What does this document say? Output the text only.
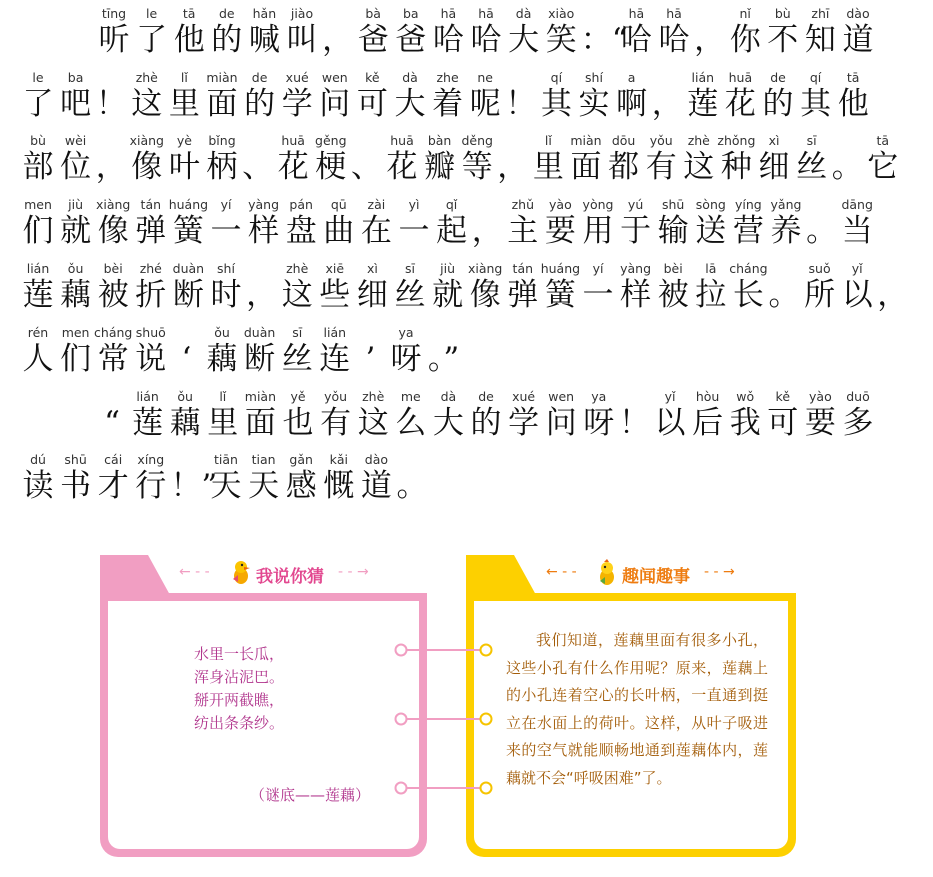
tīng
听
le
了
tā
他
de
的
hǎn
喊
jiào
叫 ，
bà
爸
ba
爸
hā
哈
hā
哈
dà
大
xiào
笑 ：“
hā
哈
hā
哈 ，
nǐ
你
bù
不
zhī
知
dào
道
le
了
ba
吧 ！
zhè
这
lǐ
里
miàn
面
de
的
xué
学
wen
问
kě
可
dà
大
zhe
着
ne
呢 ！
qí
其
shí
实
a
啊 ，
lián
莲
huā
花
de
的
qí
其
tā
他
bù
部
wèi
位 ，
xiàng
像
yè
叶
bǐng
柄 、
huā
花
gěng
梗 、
huā
花
bàn
瓣
děng
等 ，
lǐ
里
miàn
面
dōu
都
yǒu
有
zhè
这
zhǒng
种
xì
细
sī
丝 。
tā
它
men
们
jiù
就
xiàng
像
tán
弹
huáng
簧
yí
一
yàng
样
pán
盘
qū
曲
zài
在
yì
一
qǐ
起 ，
zhǔ
主
yào
要
yòng
用
yú
于
shū
输
sòng
送
yíng
营
yǎng
养 。
dāng
当
lián
莲
ǒu
藕
bèi
被
zhé
折
duàn
断
shí
时 ，
zhè
这
xiē
些
xì
细
sī
丝
jiù
就
xiàng
像
tán
弹
huáng
簧
yí
一
yàng
样
bèi
被
lā
拉
cháng
长 。
suǒ
所
yǐ
以 ，
rén
人
men
们
cháng
常
shuō
说 ‘
ǒu
藕
duàn
断
sī
丝
lián
连 ’
ya
呀 。”
“
lián
莲
ǒu
藕
lǐ
里
miàn
面
yě
也
yǒu
有
zhè
这
me
么
dà
大
de
的
xué
学
wen
问
ya
呀 ！
yǐ
以
hòu
后
wǒ
我
kě
可
yào
要
duō
多
dú
读
shū
书
cái
才
xíng
行 ！”
tiān
天
tian
天
gǎn
感
kǎi
慨
dào
道 。
← - -	我说你猜 - - →
水里一长瓜，
浑身沾泥巴。
掰开两截瞧，
纺出条条纱。
（谜底——莲藕）
← - -	趣闻趣事 - - →

我们知道，莲藕里面有很多小孔，这些小孔有什么作用呢？原来，莲藕上的小孔连着空心的长叶柄，一直通到挺立在水面上的荷叶。这样，从叶子吸进来的空气就能顺畅地通到莲藕体内，莲藕就不会“呼吸困难”了。
